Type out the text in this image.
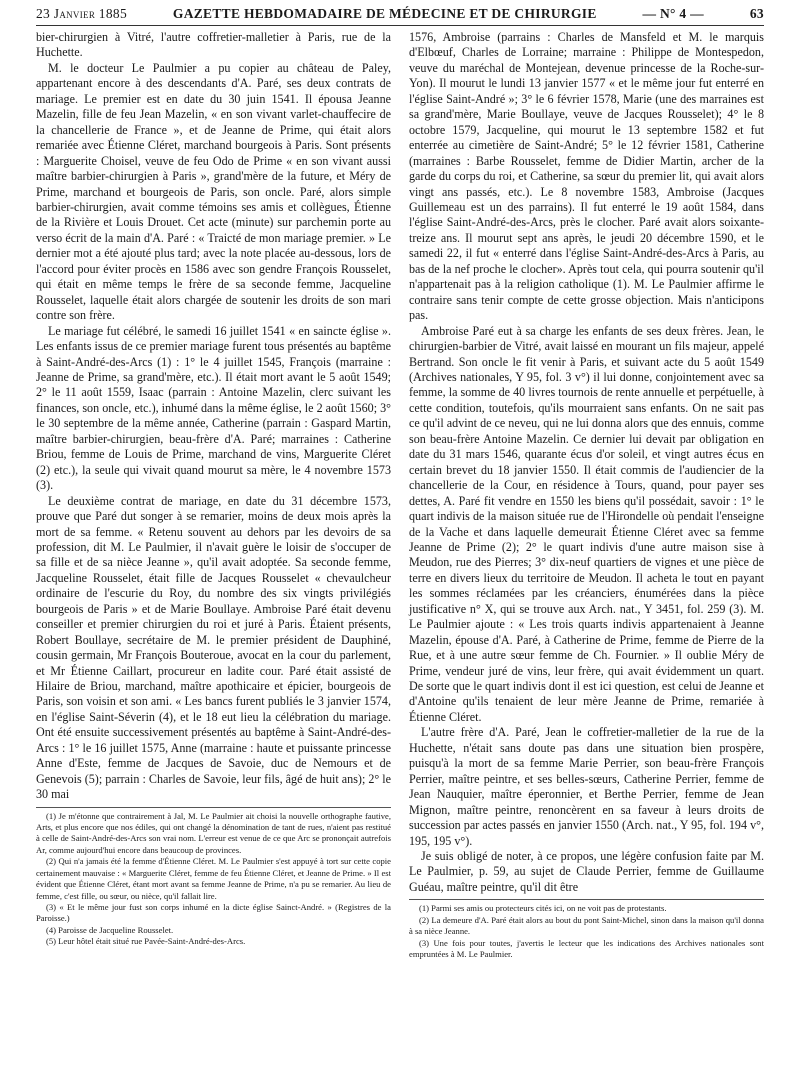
23 Janvier 1885	GAZETTE HEBDOMADAIRE DE MÉDECINE ET DE CHIRURGIE	— N° 4 —	63

bier-chirurgien à Vitré, l'autre coffretier-malletier à Paris, rue de la Huchette.

M. le docteur Le Paulmier a pu copier au château de Paley, appartenant encore à des descendants d'A. Paré, ses deux contrats de mariage. Le premier est en date du 30 juin 1541. Il épousa Jeanne Mazelin, fille de feu Jean Mazelin, « en son vivant varlet-chauffecire de la chancellerie de France », et de Jeanne de Prime, qui était alors remariée avec Étienne Cléret, marchand bourgeois à Paris. Sont présents : Marguerite Choisel, veuve de feu Odo de Prime « en son vivant aussi maître barbier-chirurgien à Paris », grand'mère de la future, et Méry de Prime, marchand et bourgeois de Paris, son oncle. Paré, alors simple barbier-chirurgien, avait comme témoins ses amis et collègues, Étienne de la Rivière et Louis Drouet. Cet acte (minute) sur parchemin porte au verso écrit de la main d'A. Paré : « Traicté de mon mariage premier. » Le dernier mot a été ajouté plus tard; avec la note placée au-dessous, lors de l'accord pour éviter procès en 1586 avec son gendre François Rousselet, qui était en même temps le frère de sa seconde femme, Jacqueline Rousselet, laquelle était alors chargée de soutenir les droits de son mari contre son frère.

Le mariage fut célébré, le samedi 16 juillet 1541 « en saincte église ». Les enfants issus de ce premier mariage furent tous présentés au baptême à Saint-André-des-Arcs (1) : 1° le 4 juillet 1545, François (marraine : Jeanne de Prime, sa grand'mère, etc.). Il était mort avant le 5 août 1549; 2° le 11 août 1559, Isaac (parrain : Antoine Mazelin, clerc suivant les finances, son oncle, etc.), inhumé dans la même église, le 2 août 1560; 3° le 30 septembre de la même année, Catherine (parrain : Gaspard Martin, maître barbier-chirurgien, beau-frère d'A. Paré; marraines : Catherine Briou, femme de Louis de Prime, marchand de vins, Marguerite Cléret (2) etc.), la seule qui vivait quand mourut sa mère, le 4 novembre 1573 (3).

Le deuxième contrat de mariage, en date du 31 décembre 1573, prouve que Paré dut songer à se remarier, moins de deux mois après la mort de sa femme. « Retenu souvent au dehors par les devoirs de sa profession, dit M. Le Paulmier, il n'avait guère le loisir de s'occuper de sa fille et de sa nièce Jeanne », qu'il avait adoptée. Sa seconde femme, Jacqueline Rousselet, était fille de Jacques Rousselet « chevaulcheur ordinaire de l'escurie du Roy, du nombre des six vingts privilégiés bourgeois de Paris » et de Marie Boullaye. Ambroise Paré était devenu conseiller et premier chirurgien du roi et juré à Paris. Étaient présents, Robert Boullaye, secrétaire de M. le premier président de Dauphiné, cousin germain, Mr François Bouteroue, avocat en la cour du parlement, et Mr Étienne Caillart, procureur en ladite cour. Paré était assisté de Hilaire de Briou, marchand, maître apothicaire et épicier, bourgeois de Paris, son voisin et son ami. « Les bancs furent publiés le 3 janvier 1574, en l'église Saint-Séverin (4), et le 18 eut lieu la célébration du mariage. Ont été ensuite successivement présentés au baptême à Saint-André-des-Arcs : 1° le 16 juillet 1575, Anne (marraine : haute et puissante princesse Anne d'Este, femme de Jacques de Savoie, duc de Nemours et de Genevois (5); parrain : Charles de Savoie, leur fils, âgé de huit ans); 2° le 30 mai

(1) Je m'étonne que contrairement à Jal, M. Le Paulmier ait choisi la nouvelle orthographe fautive, Arts, et plus encore que nos édiles, qui ont changé la dénomination de tant de rues, n'aient pas restitué à celle de Saint-André-des-Arcs son vrai nom. L'erreur est venue de ce que Arc se prononçait autrefois Ar, comme aujourd'hui encore dans beaucoup de provinces.

(2) Qui n'a jamais été la femme d'Étienne Cléret. M. Le Paulmier s'est appuyé à tort sur cette copie certainement mauvaise : « Marguerite Cléret, femme de feu Étienne Cléret, et Jeanne de Prime. » Il est évident que Étienne Cléret, étant mort avant sa femme Jeanne de Prime, n'a pu se remarier. Au lieu de femme, c'est fille, ou sœur, ou nièce, qu'il fallait lire.

(3) « Et le même jour fust son corps inhumé en la dicte église Sainct-André. » (Registres de la Paroisse.)

(4) Paroisse de Jacqueline Rousselet.

(5) Leur hôtel était situé rue Pavée-Saint-André-des-Arcs.

1576, Ambroise (parrains : Charles de Mansfeld et M. le marquis d'Elbœuf, Charles de Lorraine; marraine : Philippe de Montespedon, veuve du maréchal de Montejean, devenue princesse de la Roche-sur-Yon). Il mourut le lundi 13 janvier 1577 « et le même jour fut enterré en l'église Saint-André »; 3° le 6 février 1578, Marie (une des marraines est sa grand'mère, Marie Boullaye, veuve de Jacques Rousselet); 4° le 8 octobre 1579, Jacqueline, qui mourut le 13 septembre 1582 et fut enterrée au cimetière de Saint-André; 5° le 12 février 1581, Catherine (marraines : Barbe Rousselet, femme de Didier Martin, archer de la garde du corps du roi, et Catherine, sa sœur du premier lit, qui avait alors vingt ans passés, etc.). Le 8 novembre 1583, Ambroise (Jacques Guillemeau est un des parrains). Il fut enterré le 19 août 1584, dans l'église Saint-André-des-Arcs, près le clocher. Paré avait alors soixante-treize ans. Il mourut sept ans après, le jeudi 20 décembre 1590, et le samedi 22, il fut « enterré dans l'église Saint-André-des-Arcs à Paris, au bas de la nef proche le clocher». Après tout cela, qui pourra soutenir qu'il n'appartenait pas à la religion catholique (1). M. Le Paulmier affirme le contraire sans tenir compte de cette grosse objection. Mais n'anticipons pas.

Ambroise Paré eut à sa charge les enfants de ses deux frères. Jean, le chirurgien-barbier de Vitré, avait laissé en mourant un fils majeur, appelé Bertrand. Son oncle le fit venir à Paris, et suivant acte du 5 août 1549 (Archives nationales, Y 95, fol. 3 v°) il lui donne, conjointement avec sa femme, la somme de 40 livres tournois de rente annuelle et perpétuelle, à cette condition, toutefois, qu'ils mourraient sans enfants. On ne sait pas ce qu'il advint de ce neveu, qui ne lui donna alors que des ennuis, comme son beau-frère Antoine Mazelin. Ce dernier lui devait par obligation en date du 31 mars 1546, quarante écus d'or soleil, et vingt autres écus en certain brevet du 18 janvier 1550. Il était commis de l'audiencier de la chancellerie de la Cour, en résidence à Tours, quand, pour payer ses dettes, A. Paré fit vendre en 1550 les biens qu'il possédait, savoir : 1° le quart indivis de la maison située rue de l'Hirondelle où pendait l'enseigne de la Vache et dans laquelle demeurait Étienne Cléret avec sa femme Jeanne de Prime (2); 2° le quart indivis d'une autre maison sise à Meudon, rue des Pierres; 3° dix-neuf quartiers de vignes et une pièce de terre en divers lieux du territoire de Meudon. Il achetа le tout en payant les sommes réclamées par les créanciers, énumérées dans la pièce justificative n° X, qui se trouve aux Arch. nat., Y 3451, fol. 259 (3). M. Le Paulmier ajoute : « Les trois quarts indivis appartenaient à Jeanne Mazelin, épouse d'A. Paré, à Catherine de Prime, femme de Pierre de la Rue, et à une autre sœur femme de Ch. Fournier. » Il oublie Méry de Prime, vendeur juré de vins, leur frère, qui avait évidemment un quart. De sorte que le quart indivis dont il est ici question, est celui de Jeanne et d'Antoine qu'ils tenaient de leur mère Jeanne de Prime, remariée à Étienne Cléret.

L'autre frère d'A. Paré, Jean le coffretier-malletier de la rue de la Huchette, n'était sans doute pas dans une situation bien prospère, puisqu'à la mort de sa femme Marie Perrier, son beau-frère François Perrier, maître peintre, et ses belles-sœurs, Catherine Perrier, femme de Jean Nauquier, maître éperonnier, et Berthe Perrier, femme de Jean Mignon, maître peintre, renoncèrent en sa faveur à leurs droits de succession par actes passés en janvier 1550 (Arch. nat., Y 95, fol. 194 v°, 195, 195 v°).

Je suis obligé de noter, à ce propos, une légère confusion faite par M. Le Paulmier, p. 59, au sujet de Claude Perrier, femme de Guillaume Guéau, maître peintre, qu'il dit être

(1) Parmi ses amis ou protecteurs cités ici, on ne voit pas de protestants.

(2) La demeure d'A. Paré était alors au bout du pont Saint-Michel, sinon dans la maison qu'il donna à sa nièce Jeanne.

(3) Une fois pour toutes, j'avertis le lecteur que les indications des Archives nationales sont empruntées à M. Le Paulmier.
